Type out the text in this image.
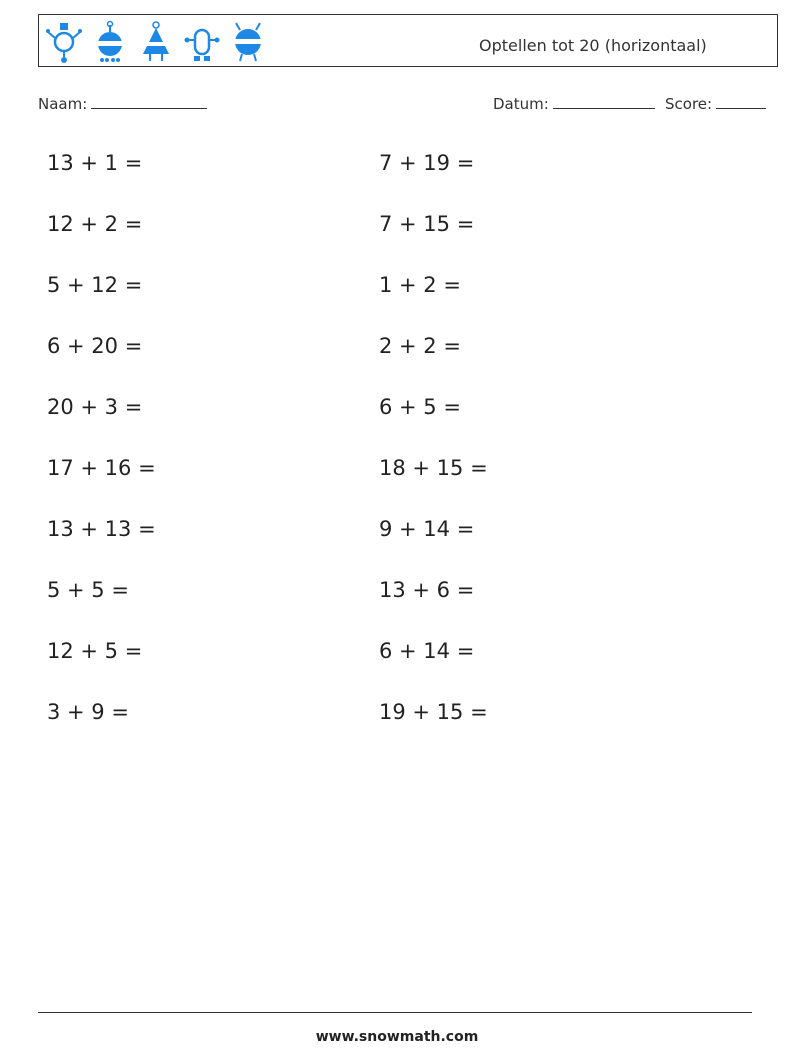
Optellen tot 20 (horizontaal)
Naam:	Datum:	Score:
13 + 1 =
12 + 2 =
5 + 12 =
6 + 20 =
20 + 3 =
17 + 16 =
13 + 13 =
5 + 5 =
12 + 5 =
3 + 9 =
7 + 19 =
7 + 15 =
1 + 2 =
2 + 2 =
6 + 5 =
18 + 15 =
9 + 14 =
13 + 6 =
6 + 14 =
19 + 15 =
www.snowmath.com
